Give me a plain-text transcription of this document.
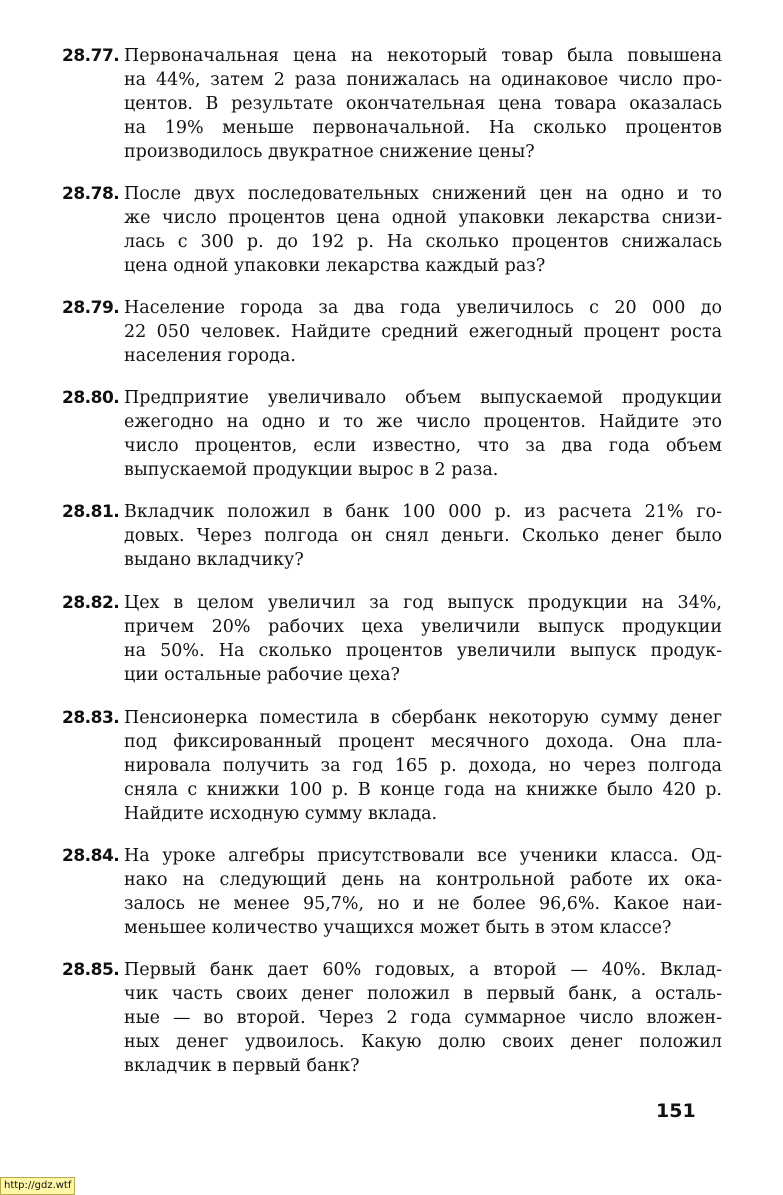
28.77. Первоначальная цена на некоторый товар была повышена
на 44%, затем 2 раза понижалась на одинаковое число про-
центов. В результате окончательная цена товара оказалась
на 19% меньше первоначальной. На сколько процентов
производилось двукратное снижение цены?
28.78. После двух последовательных снижений цен на одно и то
же число процентов цена одной упаковки лекарства снизи-
лась с 300 р. до 192 р. На сколько процентов снижалась
цена одной упаковки лекарства каждый раз?
28.79. Население города за два года увеличилось с 20 000 до
22 050 человек. Найдите средний ежегодный процент роста
населения города.
28.80. Предприятие увеличивало объем выпускаемой продукции
ежегодно на одно и то же число процентов. Найдите это
число процентов, если известно, что за два года объем
выпускаемой продукции вырос в 2 раза.
28.81. Вкладчик положил в банк 100 000 р. из расчета 21% го-
довых. Через полгода он снял деньги. Сколько денег было
выдано вкладчику?
28.82. Цех в целом увеличил за год выпуск продукции на 34%,
причем 20% рабочих цеха увеличили выпуск продукции
на 50%. На сколько процентов увеличили выпуск продук-
ции остальные рабочие цеха?
28.83. Пенсионерка поместила в сбербанк некоторую сумму денег
под фиксированный процент месячного дохода. Она пла-
нировала получить за год 165 р. дохода, но через полгода
сняла с книжки 100 р. В конце года на книжке было 420 р.
Найдите исходную сумму вклада.
28.84. На уроке алгебры присутствовали все ученики класса. Од-
нако на следующий день на контрольной работе их ока-
залось не менее 95,7%, но и не более 96,6%. Какое наи-
меньшее количество учащихся может быть в этом классе?
28.85. Первый банк дает 60% годовых, а второй — 40%. Вклад-
чик часть своих денег положил в первый банк, а осталь-
ные — во второй. Через 2 года суммарное число вложен-
ных денег удвоилось. Какую долю своих денег положил
вкладчик в первый банк?
151
http://gdz.wtf
